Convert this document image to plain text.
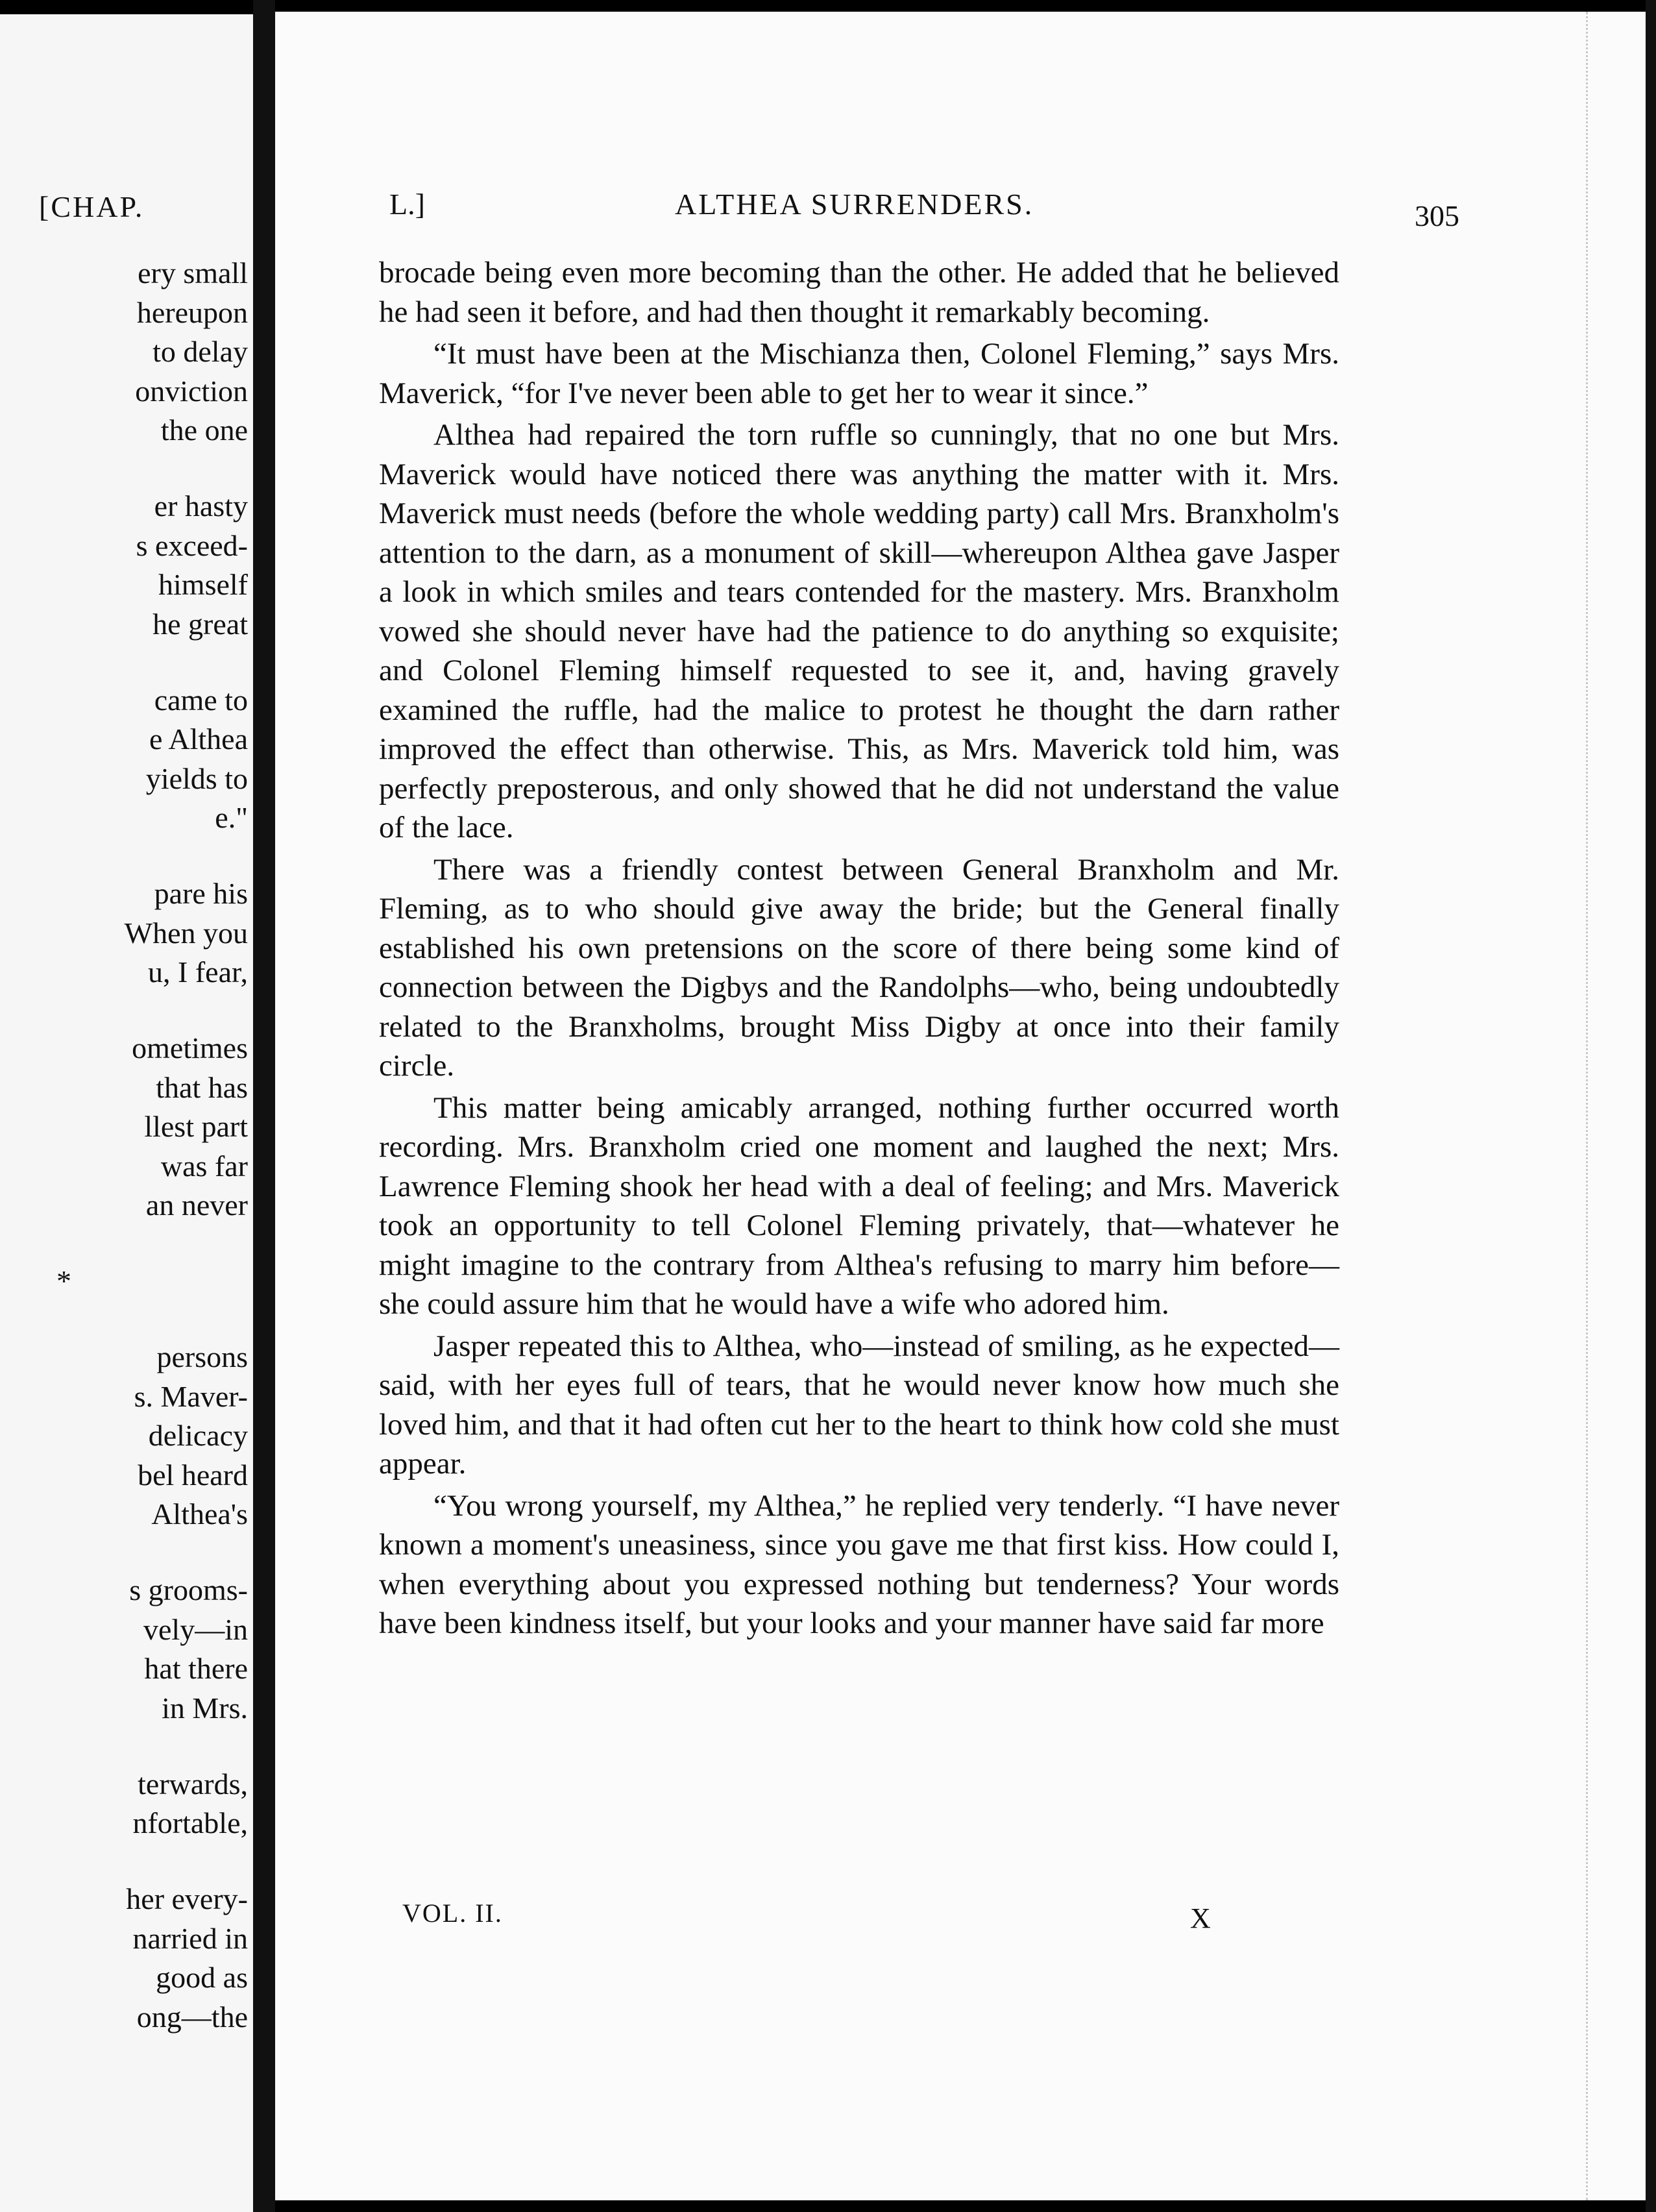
[CHAP.
ery small
hereupon
to delay
onviction
the one
er hasty
s exceed-
himself
he great
came to
e Althea
yields to
e."
pare his
When you
u, I fear,
ometimes
that has
llest part
was far
an never
*
persons
s. Maver-
delicacy
bel heard
Althea's
s grooms-
vely—in
hat there
in Mrs.
terwards,
nfortable,
her every-
narried in
good as
ong—the
L.]	ALTHEA SURRENDERS.	305

brocade being even more becoming than the other. He added that he believed he had seen it before, and had then thought it remarkably becoming.

“It must have been at the Mischianza then, Colonel Fleming,” says Mrs. Maverick, “for I've never been able to get her to wear it since.”

Althea had repaired the torn ruffle so cunningly, that no one but Mrs. Maverick would have noticed there was anything the matter with it. Mrs. Maverick must needs (before the whole wedding party) call Mrs. Branxholm's attention to the darn, as a monument of skill—whereupon Althea gave Jasper a look in which smiles and tears contended for the mastery. Mrs. Branxholm vowed she should never have had the patience to do anything so exquisite; and Colonel Fleming himself requested to see it, and, having gravely examined the ruffle, had the malice to protest he thought the darn rather improved the effect than otherwise. This, as Mrs. Maverick told him, was perfectly preposterous, and only showed that he did not understand the value of the lace.

There was a friendly contest between General Branxholm and Mr. Fleming, as to who should give away the bride; but the General finally established his own pretensions on the score of there being some kind of connection between the Digbys and the Randolphs—who, being undoubtedly related to the Branxholms, brought Miss Digby at once into their family circle.

This matter being amicably arranged, nothing further occurred worth recording. Mrs. Branxholm cried one moment and laughed the next; Mrs. Lawrence Fleming shook her head with a deal of feeling; and Mrs. Maverick took an opportunity to tell Colonel Fleming privately, that—whatever he might imagine to the contrary from Althea's refusing to marry him before—she could assure him that he would have a wife who adored him.

Jasper repeated this to Althea, who—instead of smiling, as he expected—said, with her eyes full of tears, that he would never know how much she loved him, and that it had often cut her to the heart to think how cold she must appear.

“You wrong yourself, my Althea,” he replied very tenderly. “I have never known a moment's uneasiness, since you gave me that first kiss. How could I, when everything about you expressed nothing but tenderness? Your words have been kindness itself, but your looks and your manner have said far more

VOL. II.	X
